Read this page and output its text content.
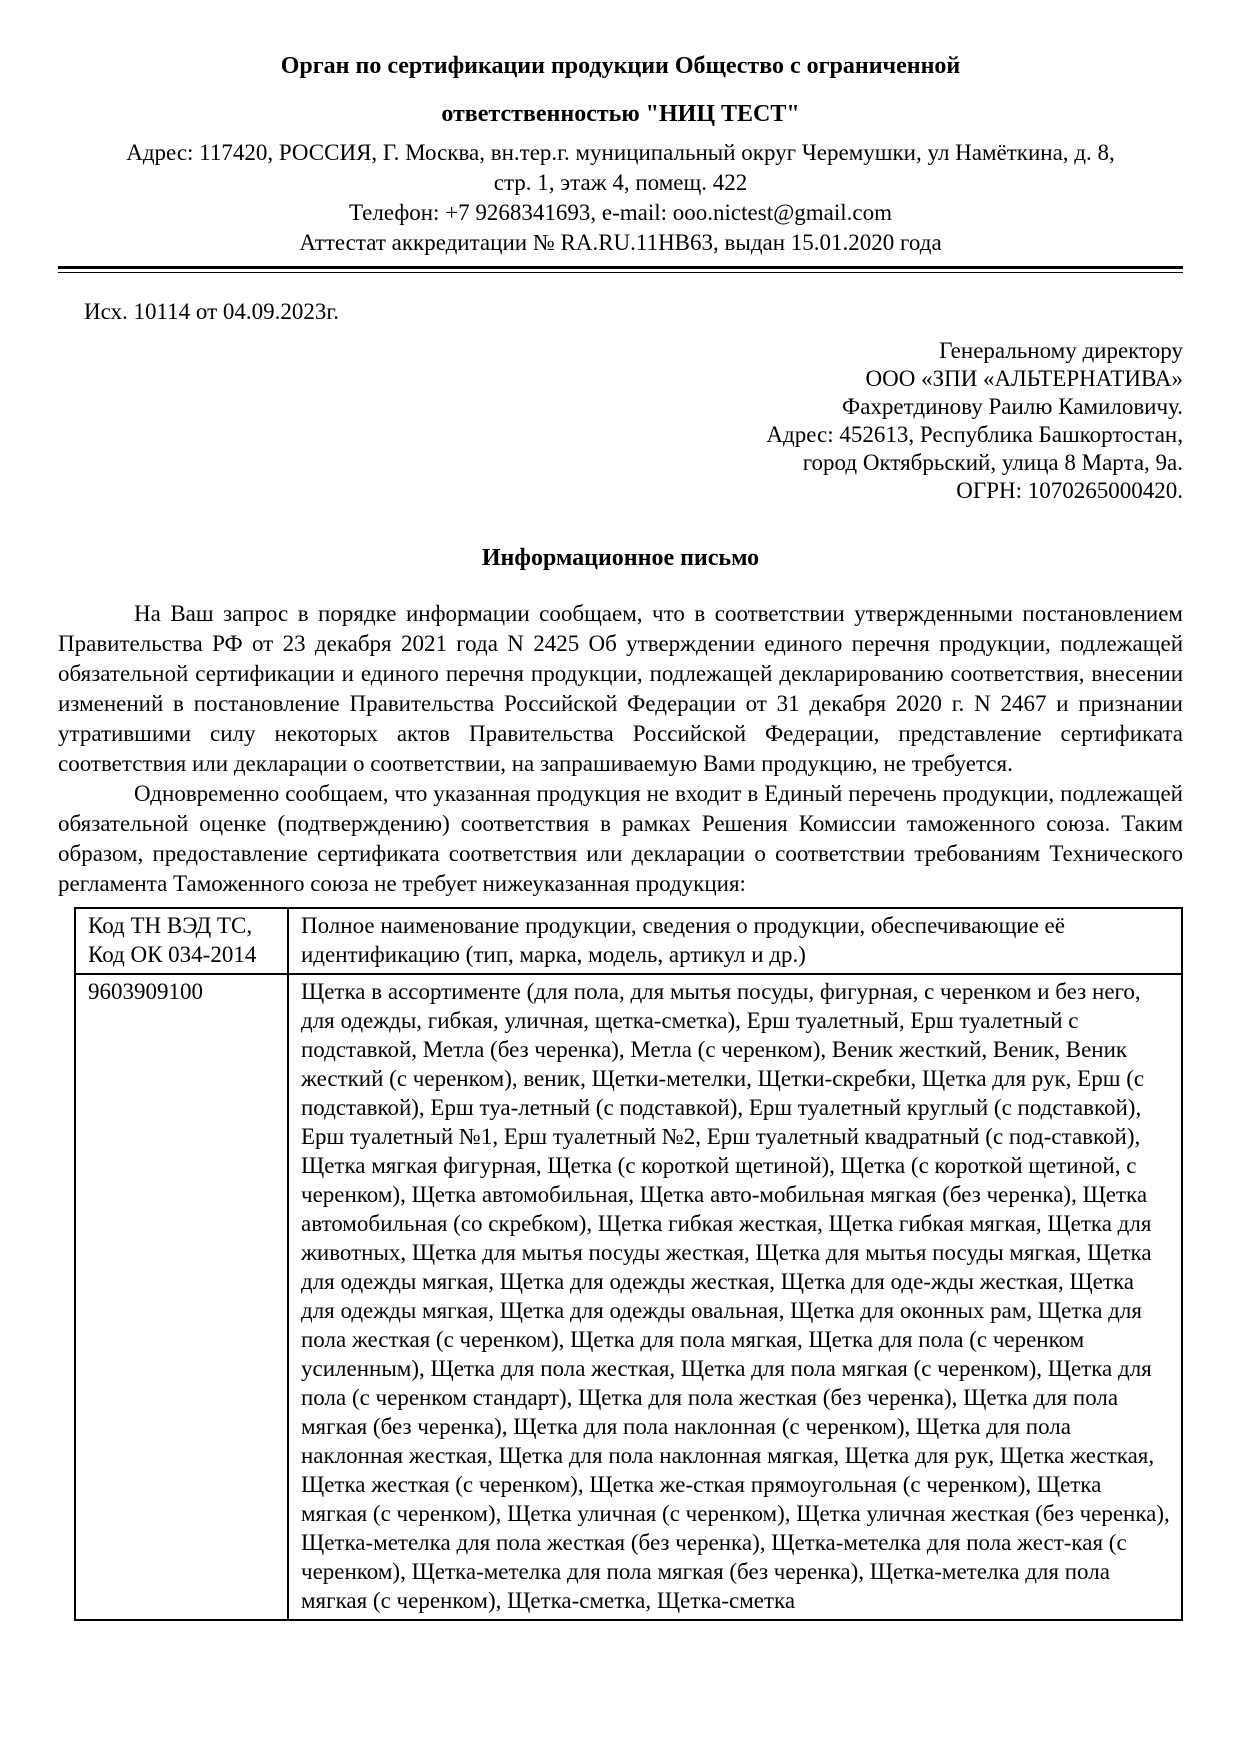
Орган по сертификации продукции Общество с ограниченной
ответственностью "НИЦ ТЕСТ"
Адрес: 117420, РОССИЯ, Г. Москва, вн.тер.г. муниципальный округ Черемушки, ул Намёткина, д. 8,
стр. 1, этаж 4, помещ. 422
Телефон: +7 9268341693, e-mail: ooo.nictest@gmail.com
Аттестат аккредитации № RA.RU.11НВ63, выдан 15.01.2020 года
Исх. 10114 от 04.09.2023г.
Генеральному директору
ООО «ЗПИ «АЛЬТЕРНАТИВА»
Фахретдинову Раилю Камиловичу.
Адрес: 452613, Республика Башкортостан,
город Октябрьский, улица 8 Марта, 9а.
ОГРН: 1070265000420.
Информационное письмо

На Ваш запрос в порядке информации сообщаем, что в соответствии утвержденными постановлением Правительства РФ от 23 декабря 2021 года N 2425 Об утверждении единого перечня продукции, подлежащей обязательной сертификации и единого перечня продукции, подлежащей декларированию соответствия, внесении изменений в постановление Правительства Российской Федерации от 31 декабря 2020 г. N 2467 и признании утратившими силу некоторых актов Правительства Российской Федерации, представление сертификата соответствия или декларации о соответствии, на запрашиваемую Вами продукцию, не требуется.

Одновременно сообщаем, что указанная продукция не входит в Единый перечень продукции, подлежащей обязательной оценке (подтверждению) соответствия в рамках Решения Комиссии таможенного союза. Таким образом, предоставление сертификата соответствия или декларации о соответствии требованиям Технического регламента Таможенного союза не требует нижеуказанная продукция:

Код ТН ВЭД ТС, Код ОК 034-2014	Полное наименование продукции, сведения о продукции, обеспечивающие её идентификацию (тип, марка, модель, артикул и др.)
9603909100	Щетка в ассортименте (для пола, для мытья посуды, фигурная, с черенком и без него, для одежды, гибкая, уличная, щетка-сметка), Ерш туалетный, Ерш туалетный с подставкой, Метла (без черенка), Метла (с черенком), Веник жесткий, Веник, Веник жесткий (с черенком), веник, Щетки-метелки, Щетки-скребки, Щетка для рук, Ерш (с подставкой), Ерш туа-летный (с подставкой), Ерш туалетный круглый (с подставкой), Ерш туалетный №1, Ерш туалетный №2, Ерш туалетный квадратный (с под-ставкой), Щетка мягкая фигурная, Щетка (с короткой щетиной), Щетка (с короткой щетиной, с черенком), Щетка автомобильная, Щетка авто-мобильная мягкая (без черенка), Щетка автомобильная (со скребком), Щетка гибкая жесткая, Щетка гибкая мягкая, Щетка для животных, Щетка для мытья посуды жесткая, Щетка для мытья посуды мягкая, Щетка для одежды мягкая, Щетка для одежды жесткая, Щетка для оде-жды жесткая, Щетка для одежды мягкая, Щетка для одежды овальная, Щетка для оконных рам, Щетка для пола жесткая (с черенком), Щетка для пола мягкая, Щетка для пола (с черенком усиленным), Щетка для пола жесткая, Щетка для пола мягкая (с черенком), Щетка для пола (с черенком стандарт), Щетка для пола жесткая (без черенка), Щетка для пола мягкая (без черенка), Щетка для пола наклонная (с черенком), Щетка для пола наклонная жесткая, Щетка для пола наклонная мягкая, Щетка для рук, Щетка жесткая, Щетка жесткая (с черенком), Щетка же-сткая прямоугольная (с черенком), Щетка мягкая (с черенком), Щетка уличная (с черенком), Щетка уличная жесткая (без черенка), Щетка-метелка для пола жесткая (без черенка), Щетка-метелка для пола жест-кая (с черенком), Щетка-метелка для пола мягкая (без черенка), Щетка-метелка для пола мягкая (с черенком), Щетка-сметка, Щетка-сметка
